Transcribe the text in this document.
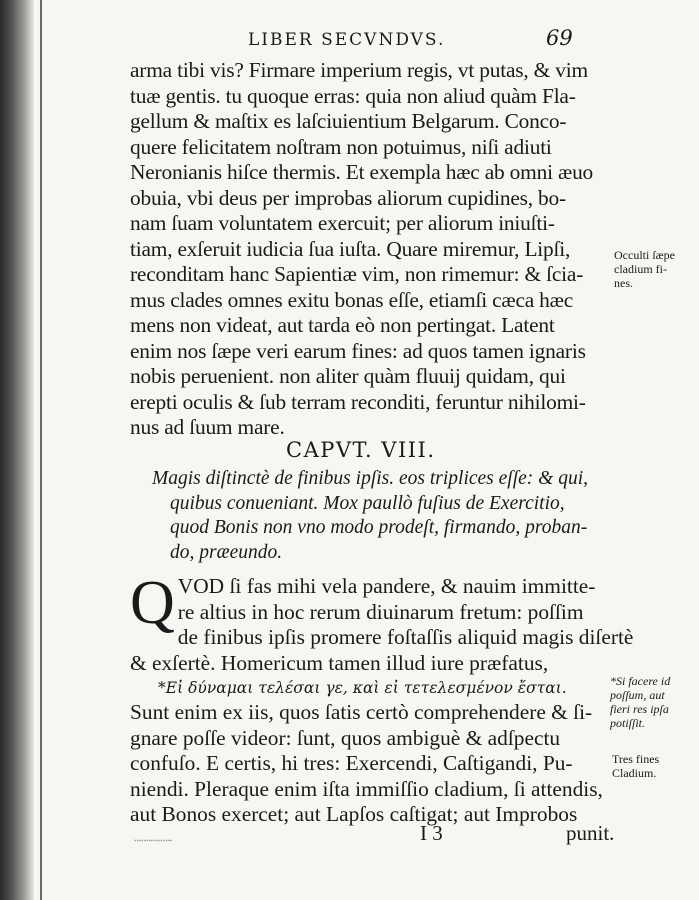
LIBER SECVNDVS.	69
arma tibi vis? Firmare imperium regis, vt putas, & vim
tuæ gentis. tu quoque erras: quia non aliud quàm Fla-
gellum & maſtix es laſciuientium Belgarum. Conco-
quere felicitatem noſtram non potuimus, niſi adiuti
Neronianis hiſce thermis. Et exempla hæc ab omni æuo
obuia, vbi deus per improbas aliorum cupidines, bo-
nam ſuam voluntatem exercuit; per aliorum iniuſti-
tiam, exſeruit iudicia ſua iuſta. Quare miremur, Lipſi,
reconditam hanc Sapientiæ vim, non rimemur: & ſcia-
mus clades omnes exitu bonas eſſe, etiamſi cæca hæc
mens non videat, aut tarda eò non pertingat. Latent
enim nos ſæpe veri earum fines: ad quos tamen ignaris
nobis peruenient. non aliter quàm fluuij quidam, qui
erepti oculis & ſub terram reconditi, feruntur nihilomi-
nus ad ſuum mare.
Occulti ſæpe
cladium fi-
nes.
CAPVT. VIII.
Magis diſtinctè de finibus ipſis. eos triplices eſſe: & qui,
quibus conueniant. Mox paullò fuſius de Exercitio,
quod Bonis non vno modo prodeſt, firmando, proban-
do, præeundo.
Q VOD ſi fas mihi vela pandere, & nauim immitte-
re altius in hoc rerum diuinarum fretum: poſſim
de finibus ipſis promere foſtaſſis aliquid magis diſertè
& exſertè. Homericum tamen illud iure præfatus,
*Εἰ δύναμαι τελέσαι γε, καὶ εἰ τετελεσμένον ἔσται.
Sunt enim ex iis, quos ſatis certò comprehendere & ſi-
gnare poſſe videor: ſunt, quos ambiguè & adſpectu
confuſo. E certis, hi tres: Exercendi, Caſtigandi, Pu-
niendi. Pleraque enim iſta immiſſio cladium, ſi attendis,
aut Bonos exercet; aut Lapſos caſtigat; aut Improbos
*Si facere id
poſſum, aut
fieri res ipſa
potiſſit.
Tres fines
Cladium.
┈┈┈┈	I 3	punit.
